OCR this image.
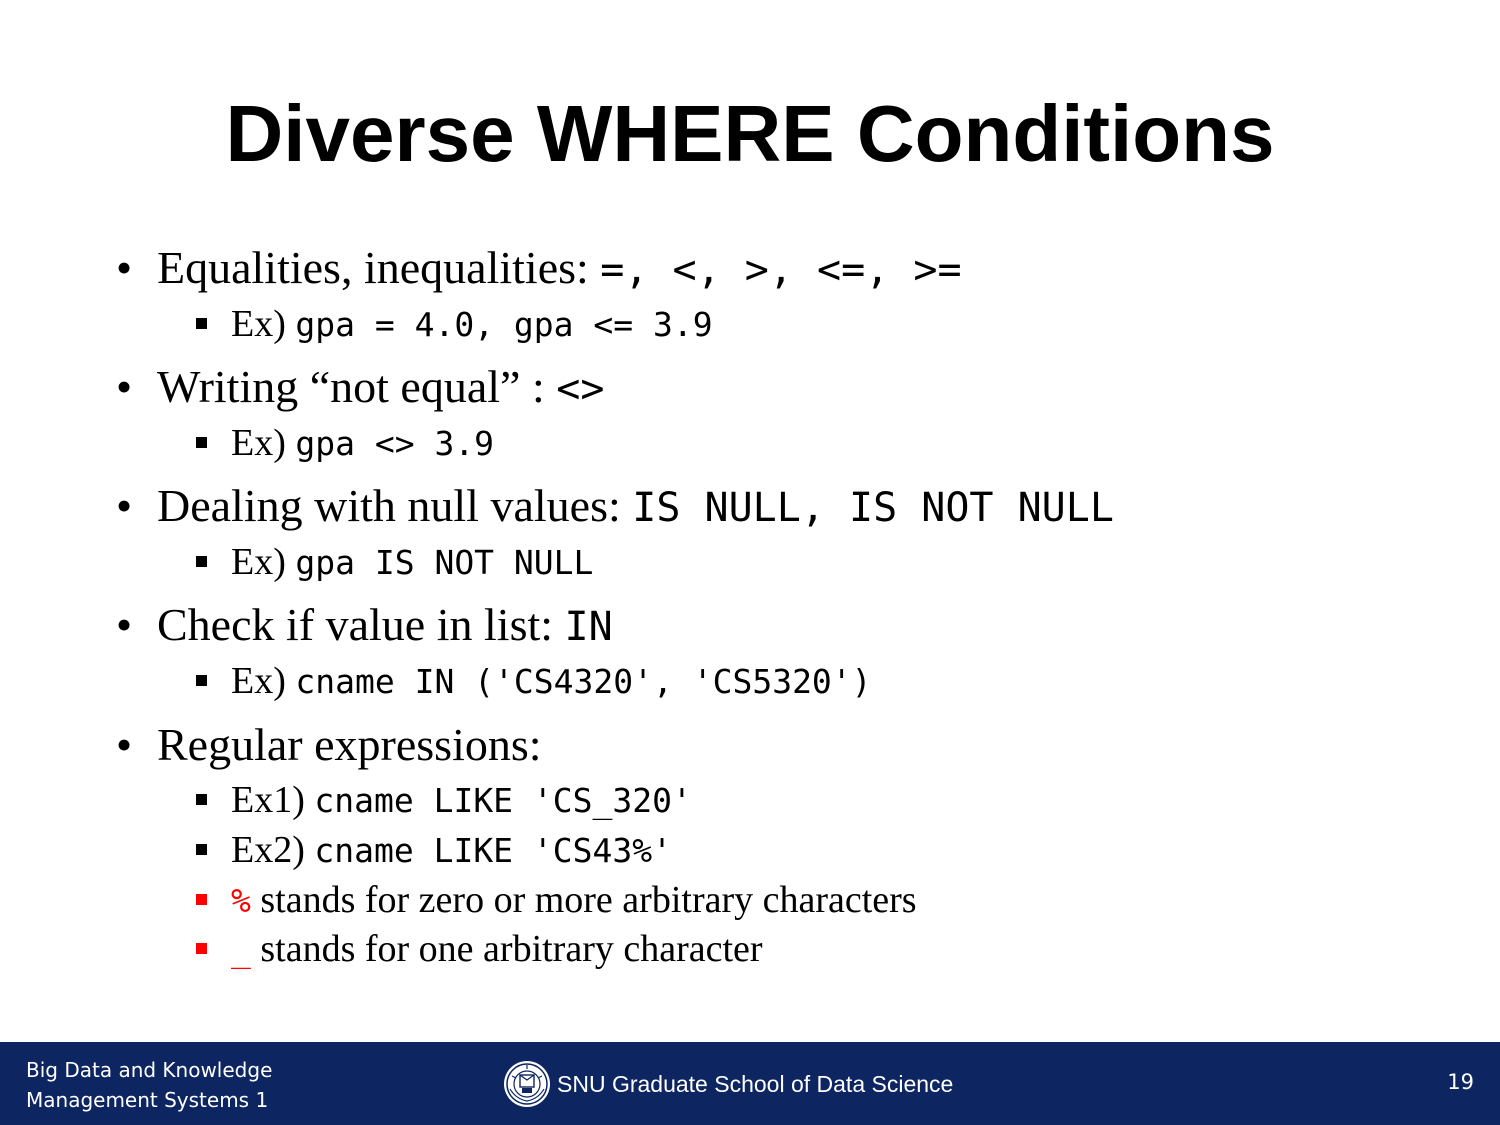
Diverse WHERE Conditions
• Equalities, inequalities: =, <, >, <=, >=
Ex) gpa = 4.0, gpa <= 3.9
• Writing “not equal” : <>
Ex) gpa <> 3.9
• Dealing with null values: IS NULL, IS NOT NULL
Ex) gpa IS NOT NULL
• Check if value in list: IN
Ex) cname IN ('CS4320', 'CS5320')
• Regular expressions:
Ex1) cname LIKE 'CS_320'
Ex2) cname LIKE 'CS43%'
% stands for zero or more arbitrary characters
_ stands for one arbitrary character
Big Data and Knowledge
Management Systems 1
SNU Graduate School of Data Science	19
